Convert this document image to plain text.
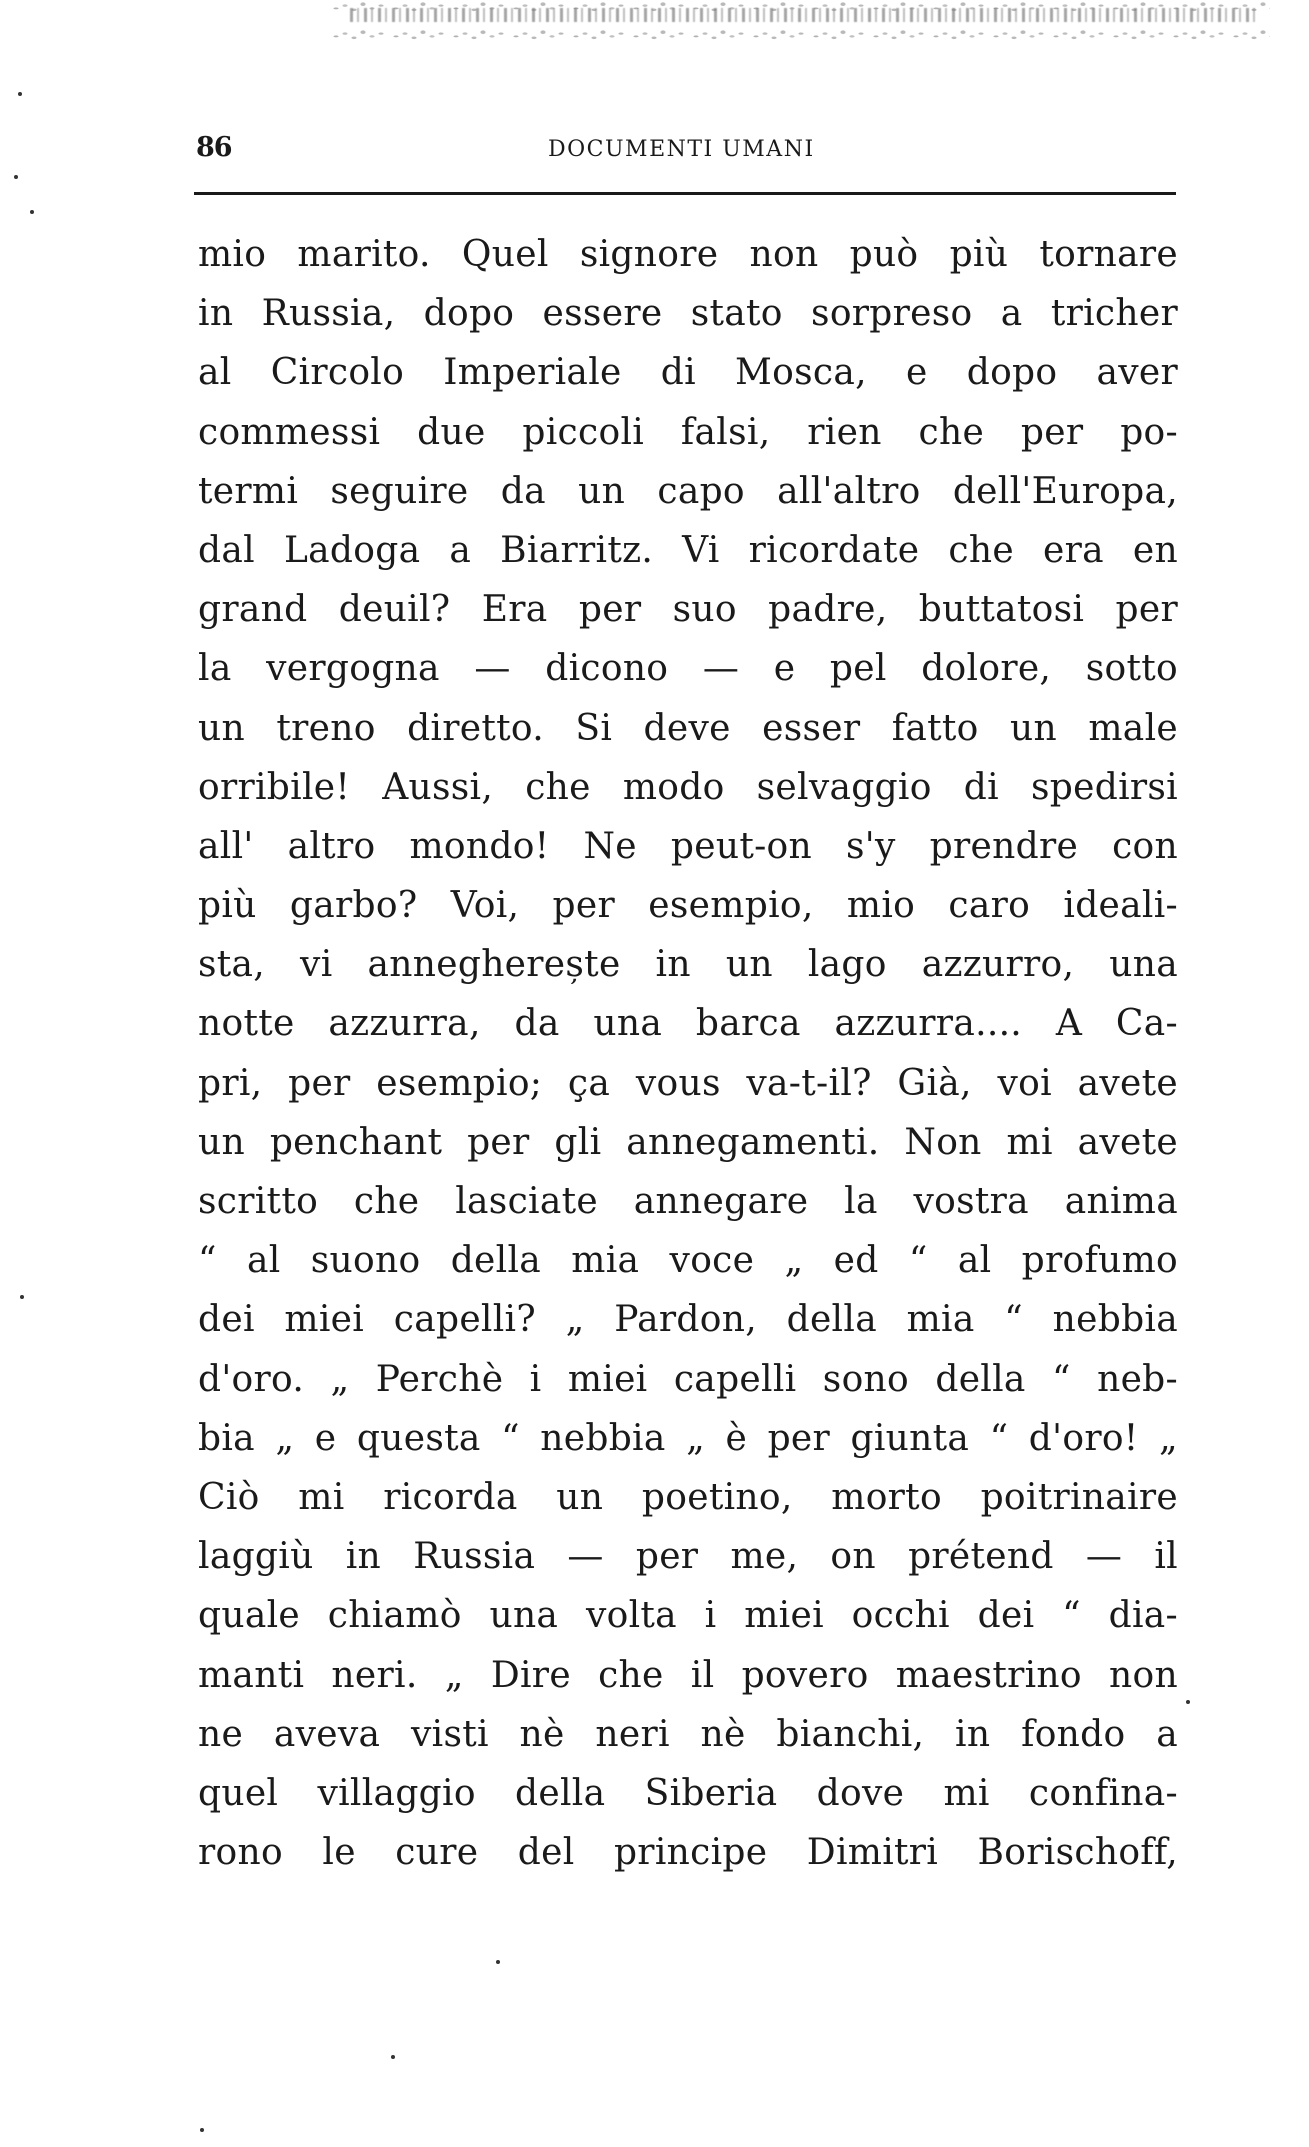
86	DOCUMENTI UMANI
mio marito. Quel signore non può più tornare
in Russia, dopo essere stato sorpreso a tricher
al Circolo Imperiale di Mosca, e dopo aver
commessi due piccoli falsi, rien che per po-
termi seguire da un capo all'altro dell'Europa,
dal Ladoga a Biarritz. Vi ricordate che era en
grand deuil? Era per suo padre, buttatosi per
la vergogna — dicono — e pel dolore, sotto
un treno diretto. Si deve esser fatto un male
orribile! Aussi, che modo selvaggio di spedirsi
all' altro mondo! Ne peut-on s'y prendre con
più garbo? Voi, per esempio, mio caro ideali-
sta, vi annegherește in un lago azzurro, una
notte azzurra, da una barca azzurra.... A Ca-
pri, per esempio; ça vous va-t-il? Già, voi avete
un penchant per gli annegamenti. Non mi avete
scritto che lasciate annegare la vostra anima
“ al suono della mia voce „ ed “ al profumo
dei miei capelli? „ Pardon, della mia “ nebbia
d'oro. „ Perchè i miei capelli sono della “ neb-
bia „ e questa “ nebbia „ è per giunta “ d'oro! „
Ciò mi ricorda un poetino, morto poitrinaire
laggiù in Russia — per me, on prétend — il
quale chiamò una volta i miei occhi dei “ dia-
manti neri. „ Dire che il povero maestrino non
ne aveva visti nè neri nè bianchi, in fondo a
quel villaggio della Siberia dove mi confina-
rono le cure del principe Dimitri Borischoff,
